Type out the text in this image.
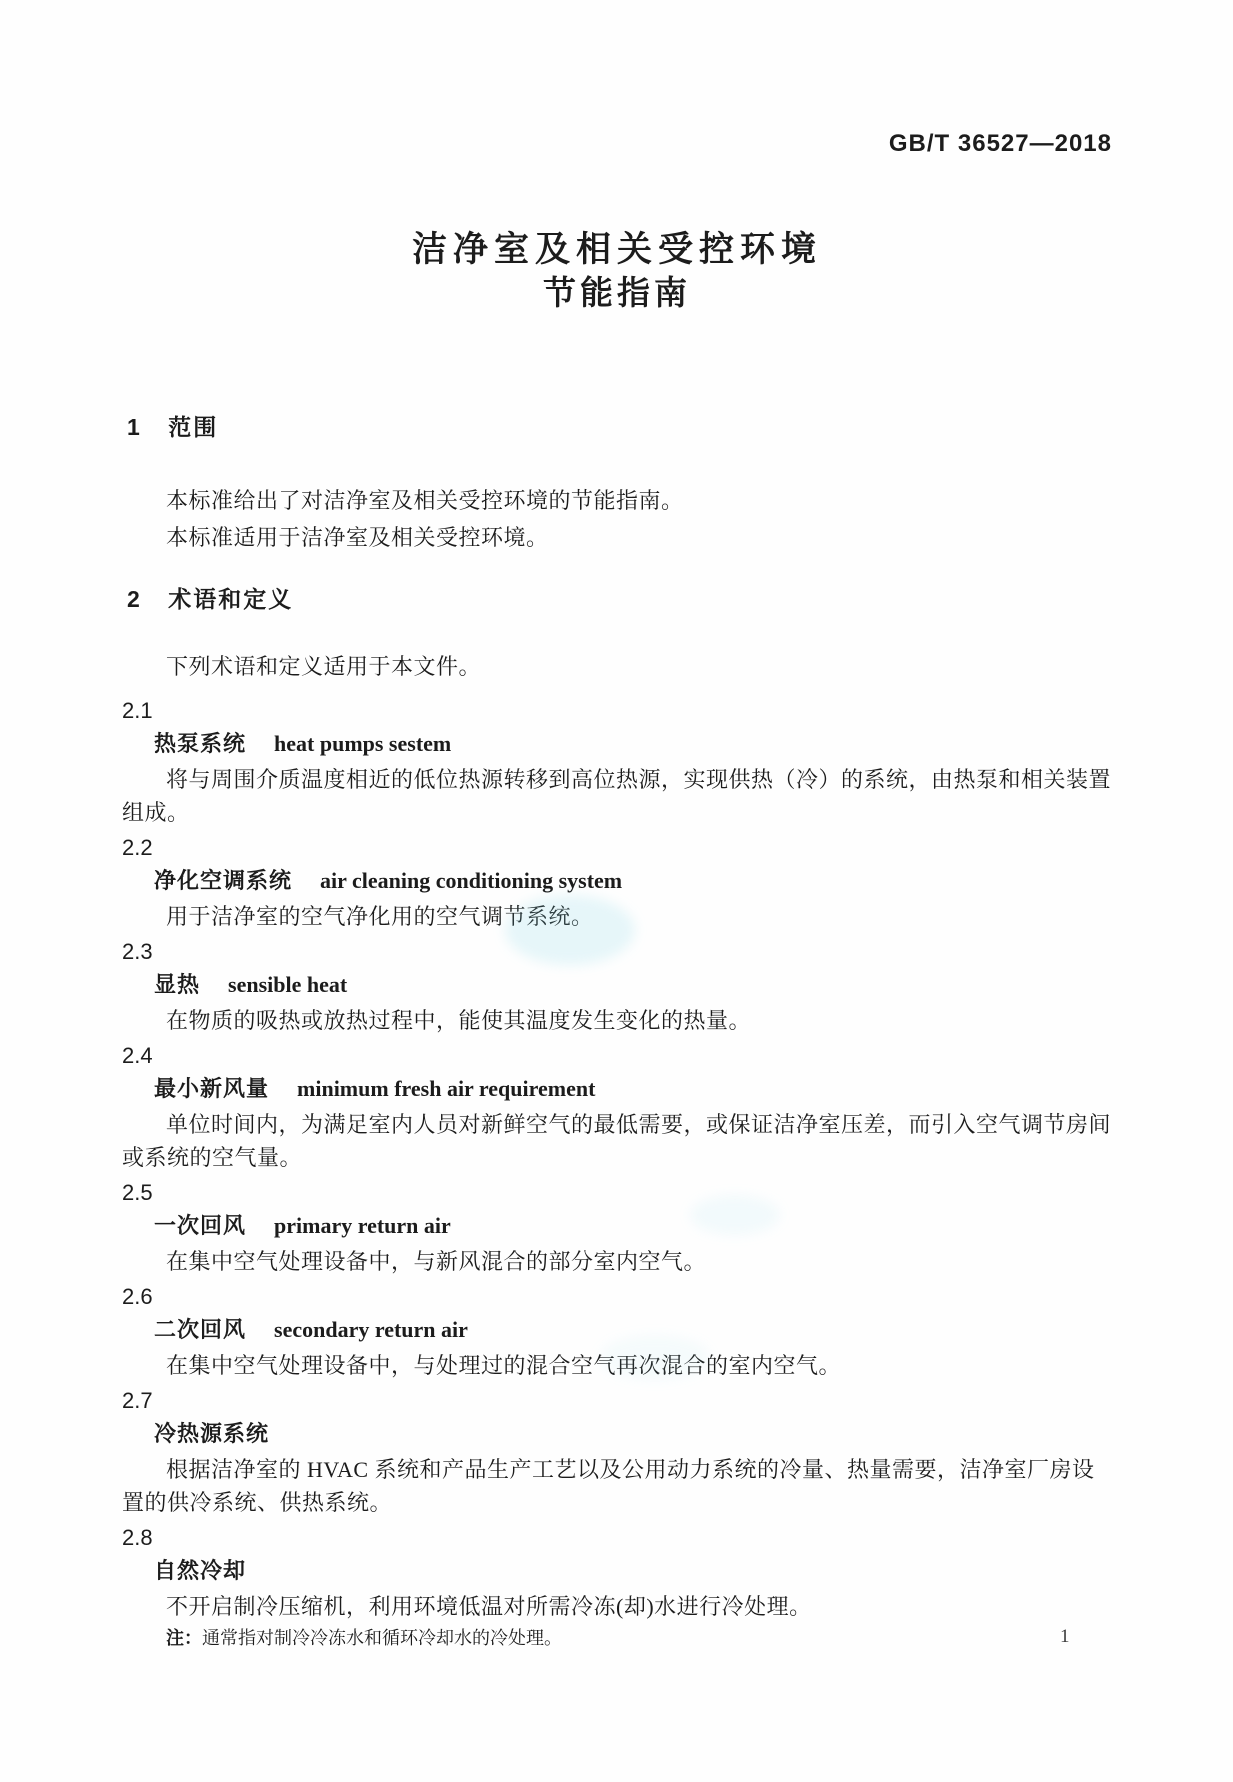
GB/T 36527—2018
洁净室及相关受控环境
节能指南
1 范围

本标准给出了对洁净室及相关受控环境的节能指南。

本标准适用于洁净室及相关受控环境。

2 术语和定义

下列术语和定义适用于本文件。

2.1
热泵系统 heat pumps sestem

将与周围介质温度相近的低位热源转移到高位热源，实现供热（冷）的系统，由热泵和相关装置组成。

2.2
净化空调系统 air cleaning conditioning system

用于洁净室的空气净化用的空气调节系统。

2.3
显热 sensible heat

在物质的吸热或放热过程中，能使其温度发生变化的热量。

2.4
最小新风量 minimum fresh air requirement

单位时间内，为满足室内人员对新鲜空气的最低需要，或保证洁净室压差，而引入空气调节房间或系统的空气量。

2.5
一次回风 primary return air

在集中空气处理设备中，与新风混合的部分室内空气。

2.6
二次回风 secondary return air

在集中空气处理设备中，与处理过的混合空气再次混合的室内空气。

2.7
冷热源系统

根据洁净室的 HVAC 系统和产品生产工艺以及公用动力系统的冷量、热量需要，洁净室厂房设置的供冷系统、供热系统。

2.8
自然冷却

不开启制冷压缩机，利用环境低温对所需冷冻(却)水进行冷处理。

注：通常指对制冷冷冻水和循环冷却水的冷处理。	1
